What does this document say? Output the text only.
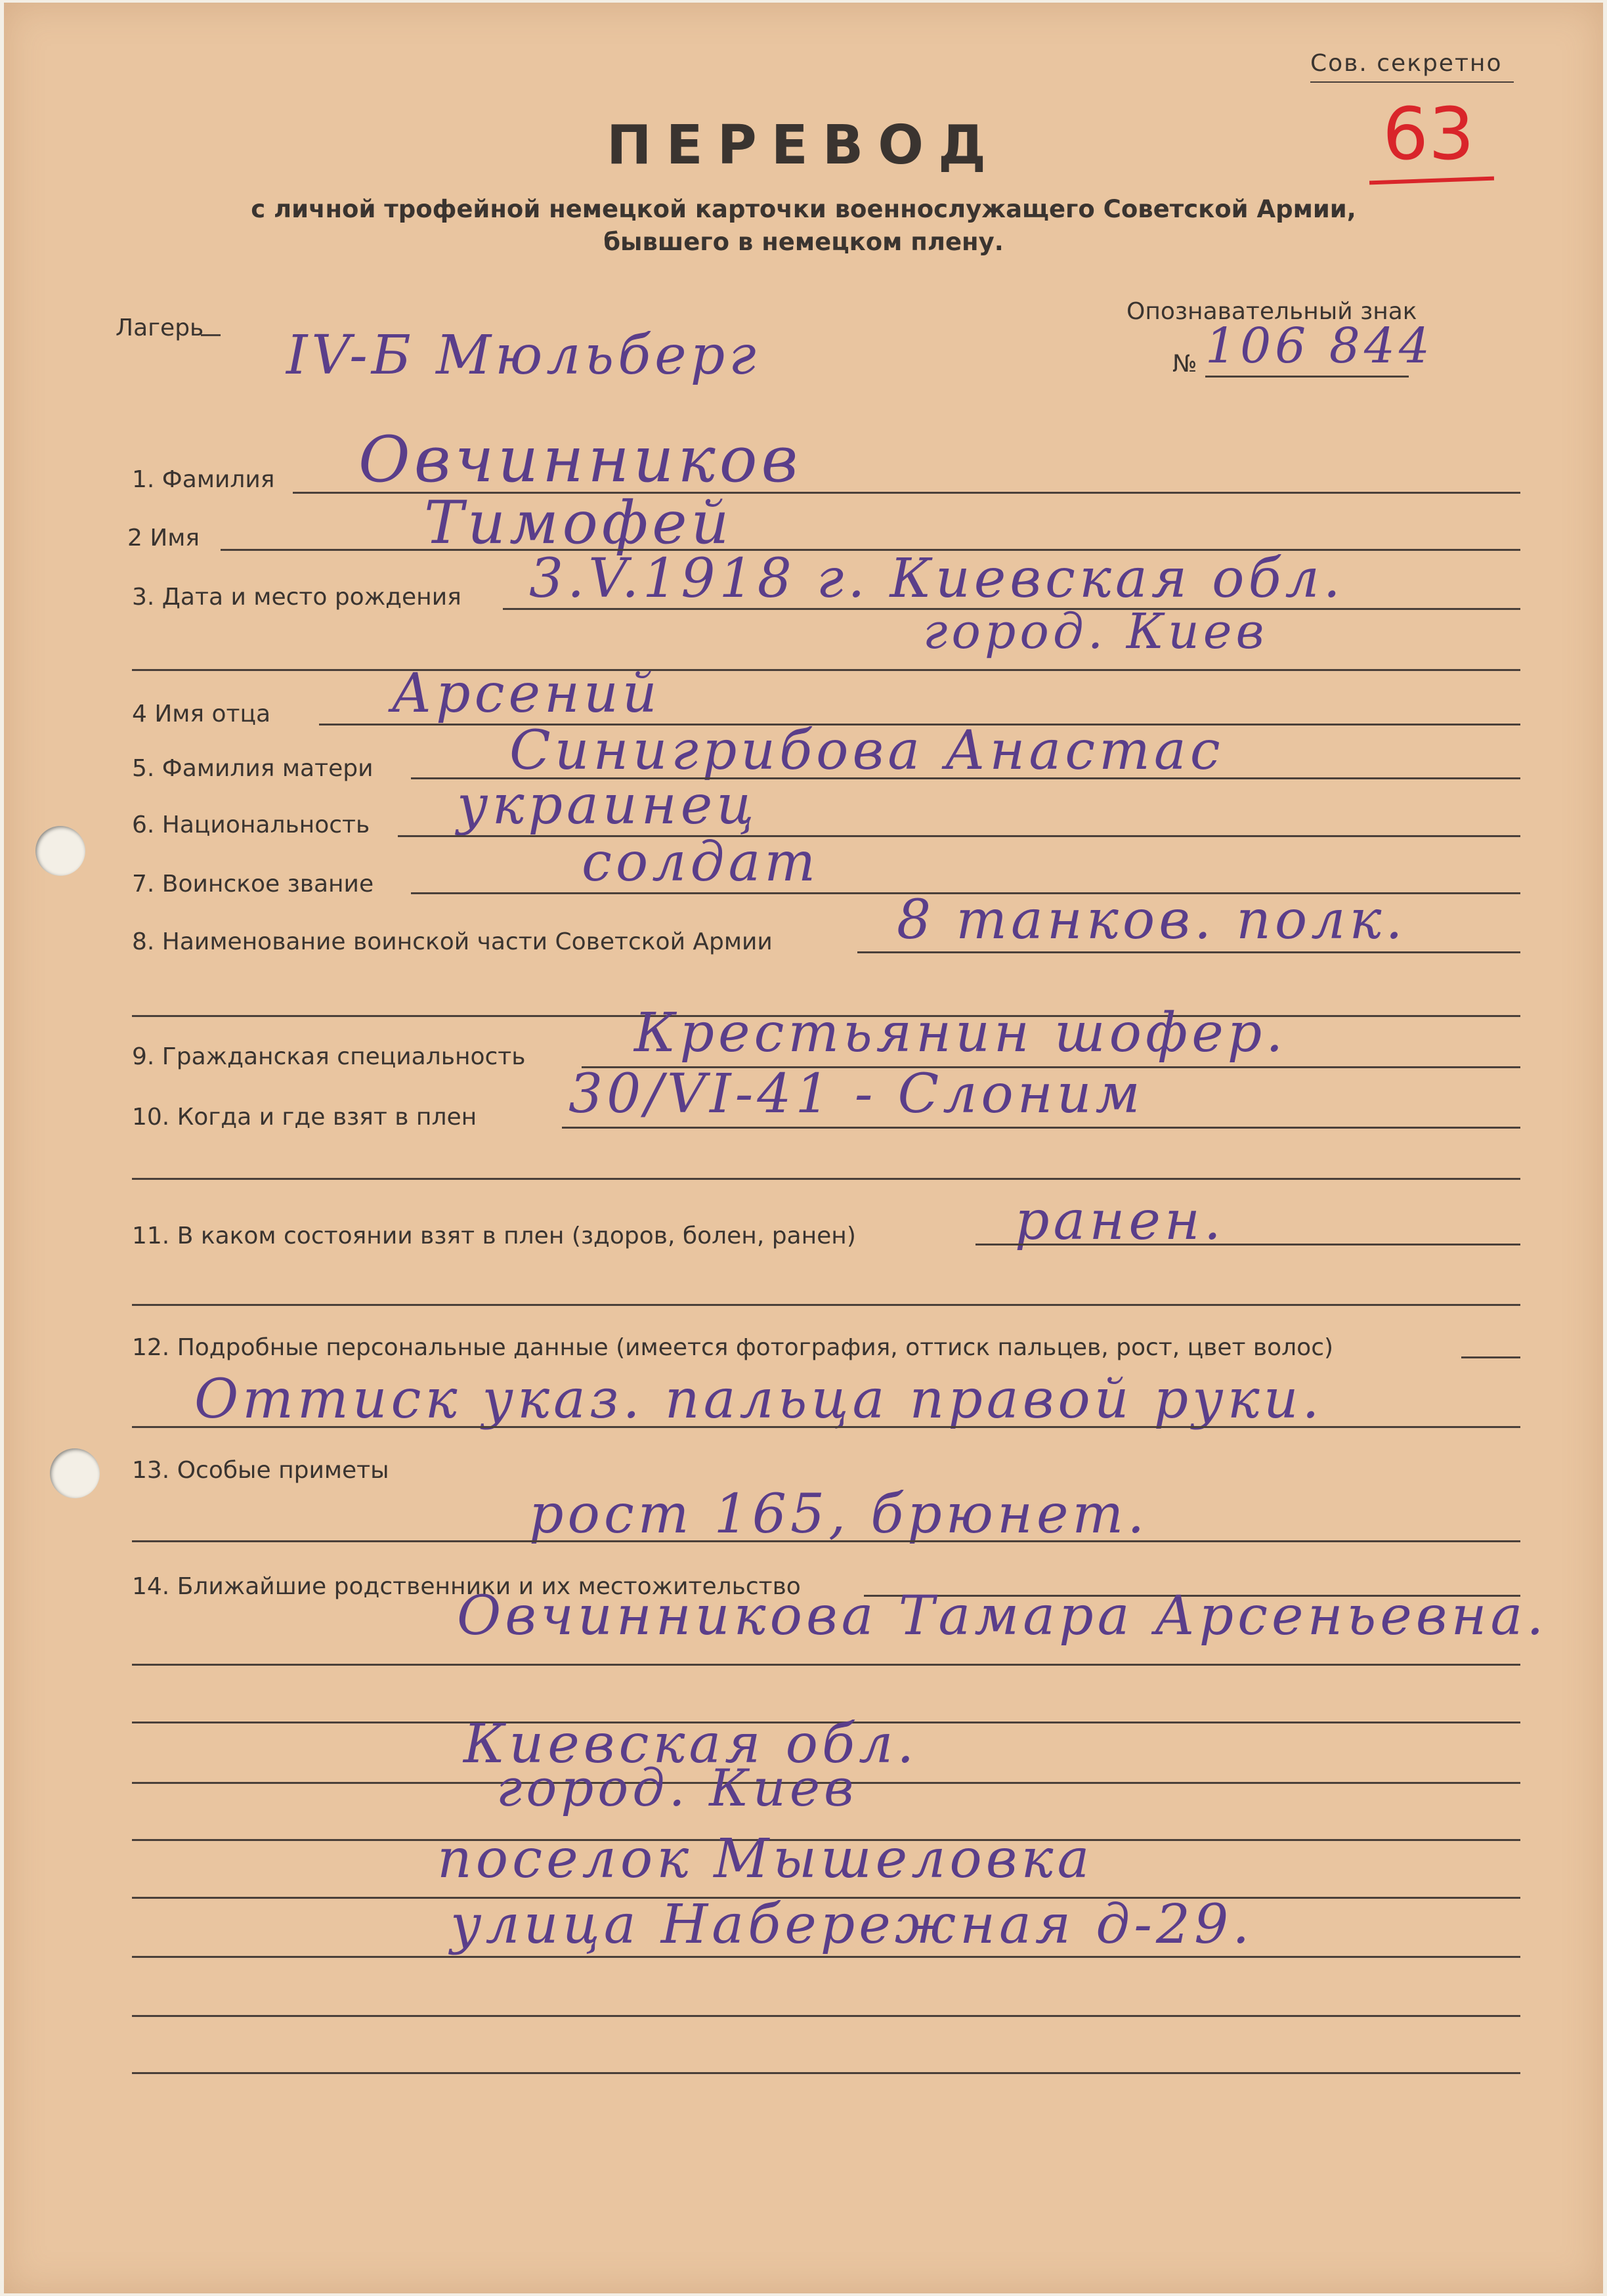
Сов. секретно
63
ПЕРЕВОД
с личной трофейной немецкой карточки военнослужащего Советской Армии,
бывшего в немецком плену.
Лагерь IV-Б Мюльберг
Опознавательный знак
№ 106 844
1. Фамилия Овчинников
2 Имя	Тимофей
3. Дата и место рождения 3.V.1918 г. Киевская обл.
город. Киев
4 Имя отца Арсений
5. Фамилия матери	Синигрибова Анастас
6. Национальность украинец
7. Воинское звание	солдат
8. Наименование воинской части Советской Армии 8 танков. полк.
9. Гражданская специальность Крестьянин шофер.
10. Когда и где взят в плен 30/VI-41 - Слоним
11. В каком состоянии взят в плен (здоров, болен, ранен)	ранен.
12. Подробные персональные данные (имеется фотография, оттиск пальцев, рост, цвет волос)
Оттиск указ. пальца правой руки.
13. Особые приметы
рост 165, брюнет.
14. Ближайшие родственники и их местожительство
Овчинникова Тамара Арсеньевна.
Киевская обл.
город. Киев
поселок Мышеловка
улица Набережная д-29.
